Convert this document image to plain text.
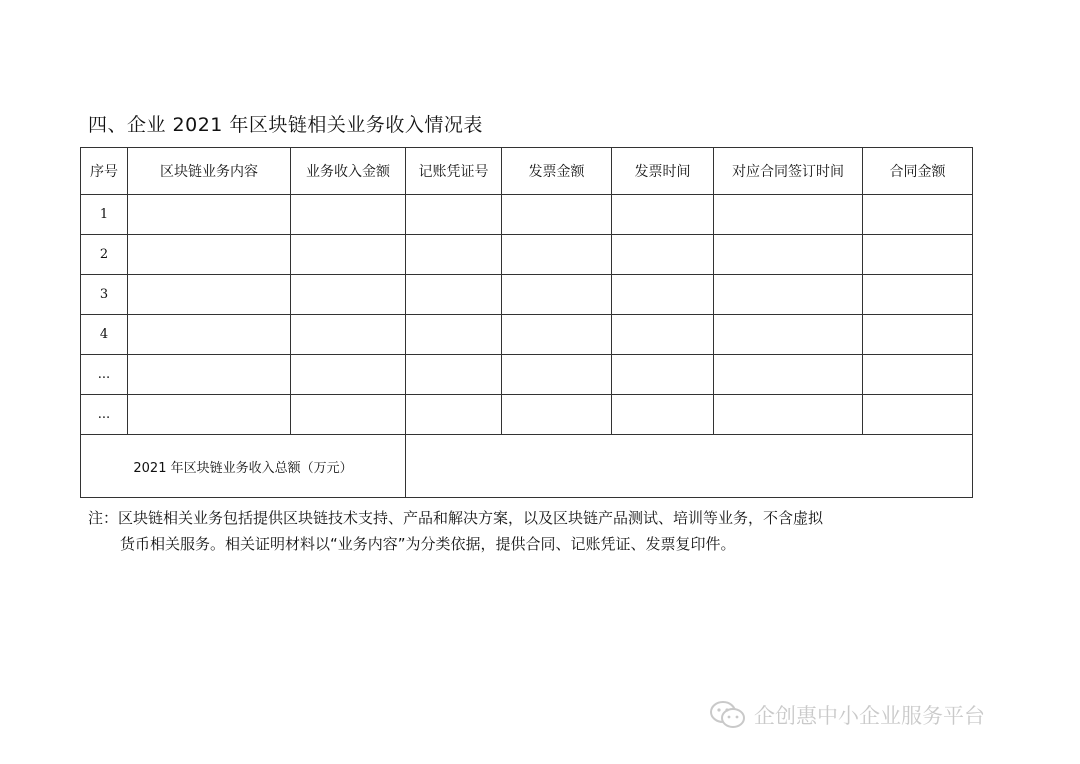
四、企业 2021 年区块链相关业务收入情况表
序号	区块链业务内容	业务收入金额	记账凭证号	发票金额	发票时间	对应合同签订时间	合同金额
1							
2							
3							
4							
...							
...							
2021 年区块链业务收入总额（万元）							
注：区块链相关业务包括提供区块链技术支持、产品和解决方案，以及区块链产品测试、培训等业务，不含虚拟
货币相关服务。相关证明材料以“业务内容”为分类依据，提供合同、记账凭证、发票复印件。
企创惠中小企业服务平台
